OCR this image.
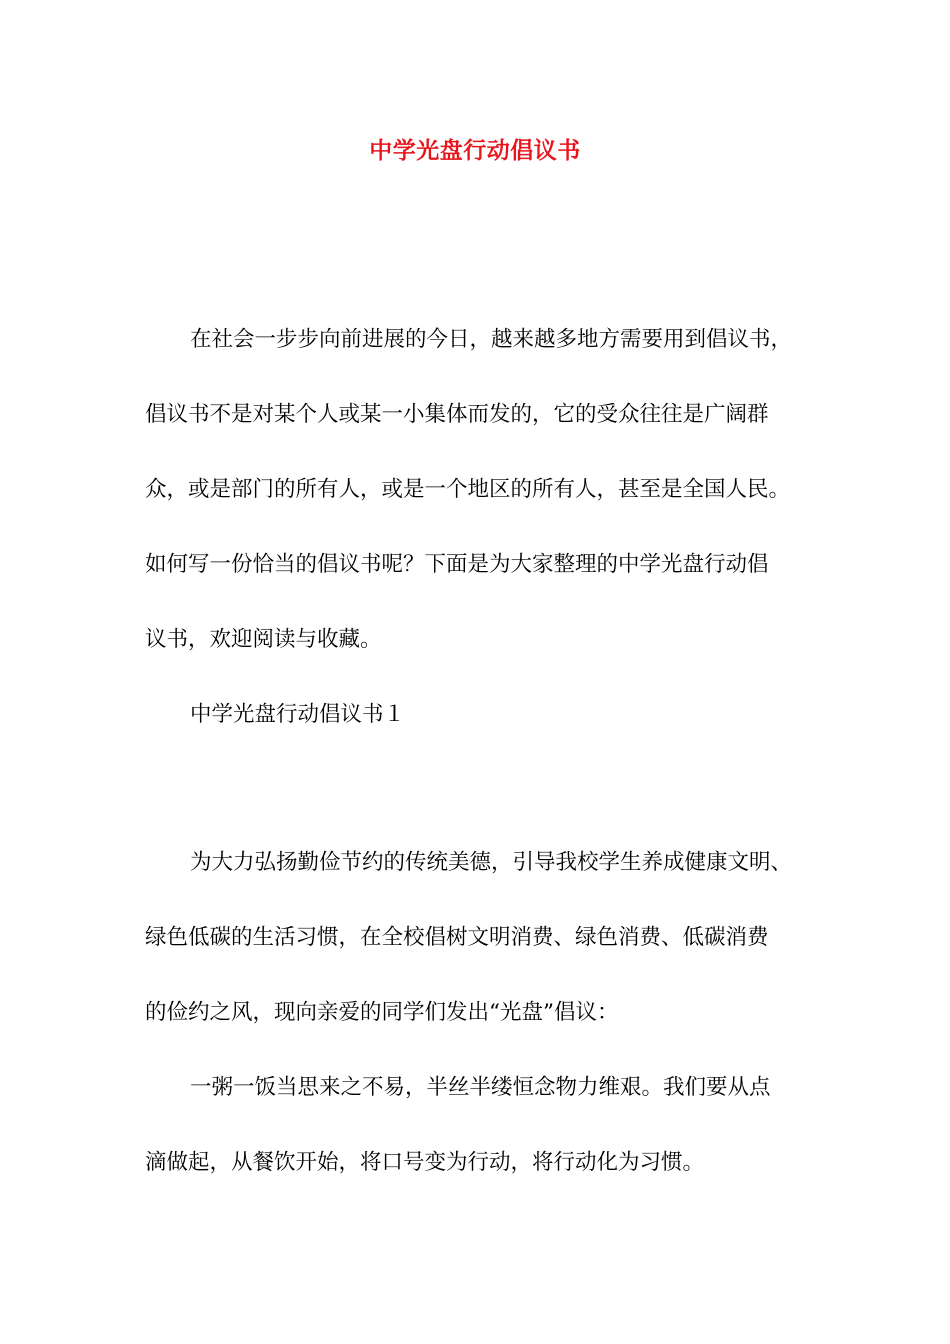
中学光盘行动倡议书
在社会一步步向前进展的今日，越来越多地方需要用到倡议书，
倡议书不是对某个人或某一小集体而发的，它的受众往往是广阔群
众，或是部门的所有人，或是一个地区的所有人，甚至是全国人民。
如何写一份恰当的倡议书呢？下面是为大家整理的中学光盘行动倡
议书，欢迎阅读与收藏。
中学光盘行动倡议书１
为大力弘扬勤俭节约的传统美德，引导我校学生养成健康文明、
绿色低碳的生活习惯，在全校倡树文明消费、绿色消费、低碳消费
的俭约之风，现向亲爱的同学们发出“光盘”倡议：
一粥一饭当思来之不易，半丝半缕恒念物力维艰。我们要从点
滴做起，从餐饮开始，将口号变为行动，将行动化为习惯。
